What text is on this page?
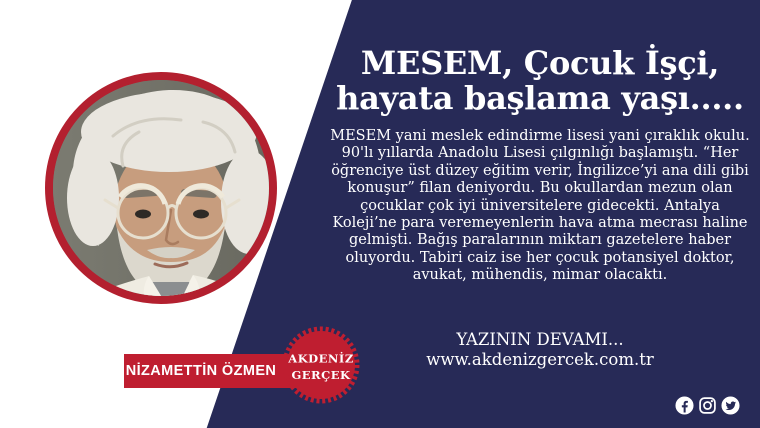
NİZAMETTİN ÖZMEN
AKDENİZ
GERÇEK
MESEM, Çocuk İşçi,
hayata başlama yaşı.....

MESEM yani meslek edindirme lisesi yani çıraklık okulu. 90'lı yıllarda Anadolu Lisesi çılgınlığı başlamıştı. “Her öğrenciye üst düzey eğitim verir, İngilizce’yi ana dili gibi konuşur” filan deniyordu. Bu okullardan mezun olan çocuklar çok iyi üniversitelere gidecekti. Antalya Koleji’ne para veremeyenlerin hava atma mecrası haline gelmişti. Bağış paralarının miktarı gazetelere haber oluyordu. Tabiri caiz ise her çocuk potansiyel doktor, avukat, mühendis, mimar olacaktı.

YAZININ DEVAMI...
www.akdenizgercek.com.tr
